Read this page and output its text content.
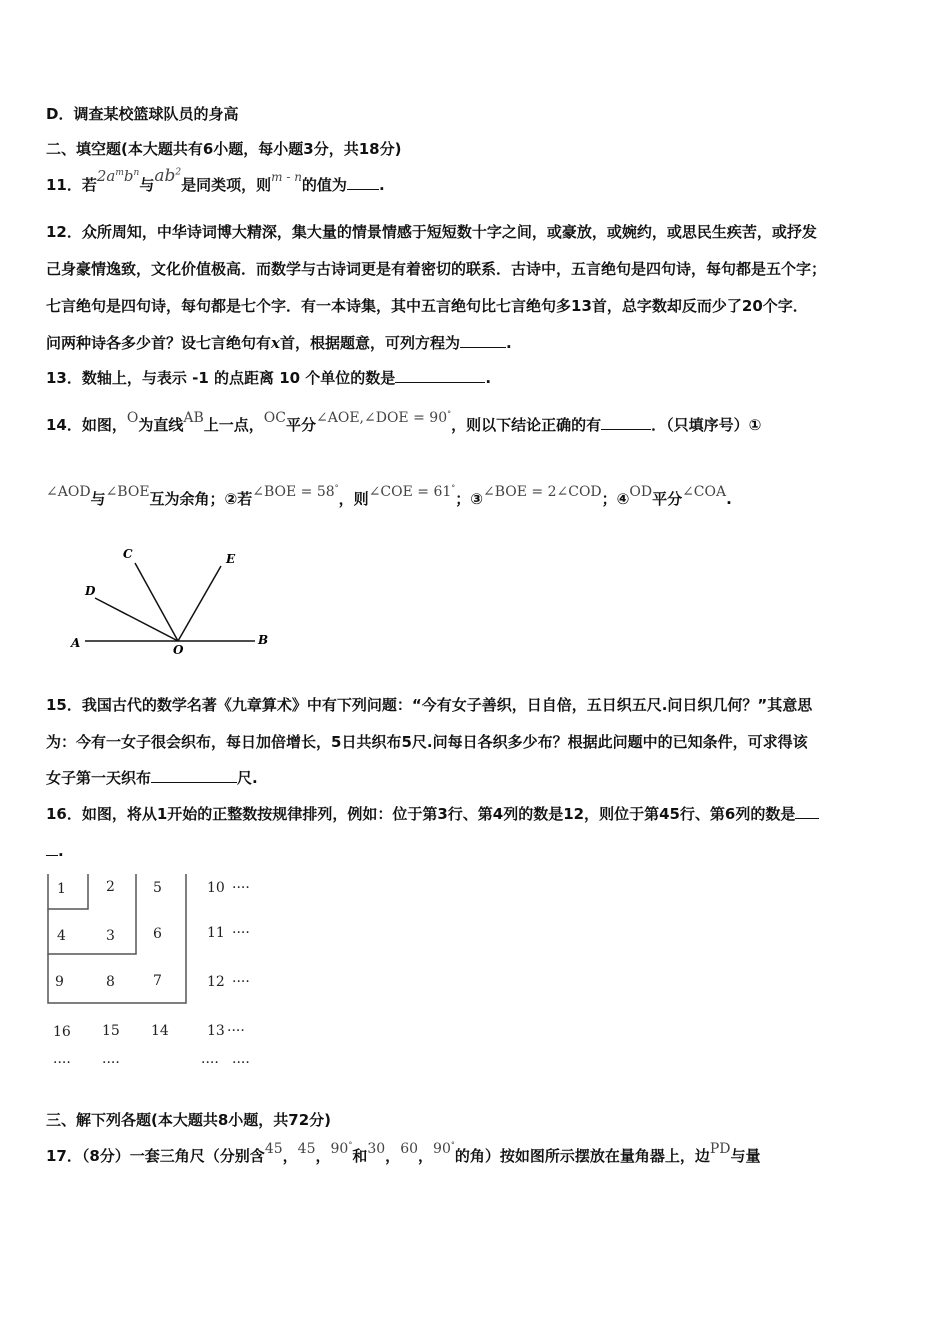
D．调查某校篮球队员的身高
二、填空题(本大题共有6小题，每小题3分，共18分)
11．若$2a^mb^n$与$ab^2$是同类项，则$^{m - n}$的值为 .
12．众所周知，中华诗词博大精深，集大量的情景情感于短短数十字之间，或豪放，或婉约，或思民生疾苦，或抒发
己身豪情逸致，文化价值极高．而数学与古诗词更是有着密切的联系．古诗中，五言绝句是四句诗，每句都是五个字；
七言绝句是四句诗，每句都是七个字．有一本诗集，其中五言绝句比七言绝句多13首，总字数却反而少了20个字．
问两种诗各多少首？设七言绝句有x首，根据题意，可列方程为	.
13．数轴上，与表示 -1 的点距离 10 个单位的数是	.
14．如图，O为直线AB上一点，OC平分∠AOE,∠DOE = 90°，则以下结论正确的有	．（只填序号）①
∠AOD与∠BOE互为余角；②若∠BOE = 58°，则∠COE = 61°；③∠BOE = 2∠COD；④OD平分∠COA.
C	E
D
A	O
B
15．我国古代的数学名著《九章算术》中有下列问题：“今有女子善织，日自倍，五日织五尺.问日织几何？”其意思
为：今有一女子很会织布，每日加倍增长，5日共织布5尺.问每日各织多少布？根据此问题中的已知条件，可求得该
女子第一天织布	尺.
16．如图，将从1开始的正整数按规律排列，例如：位于第3行、第4列的数是12，则位于第45行、第6列的数是
.
1	2	5	10 ····
4	3	6	11 ····
9	8	7	12 ····
16 15 14	13 ····
···· ····	···· ····
三、解下列各题(本大题共8小题，共72分)
17．（8分）一套三角尺（分别含45，45，90°和30，60，90°的角）按如图所示摆放在量角器上，边PD与量
